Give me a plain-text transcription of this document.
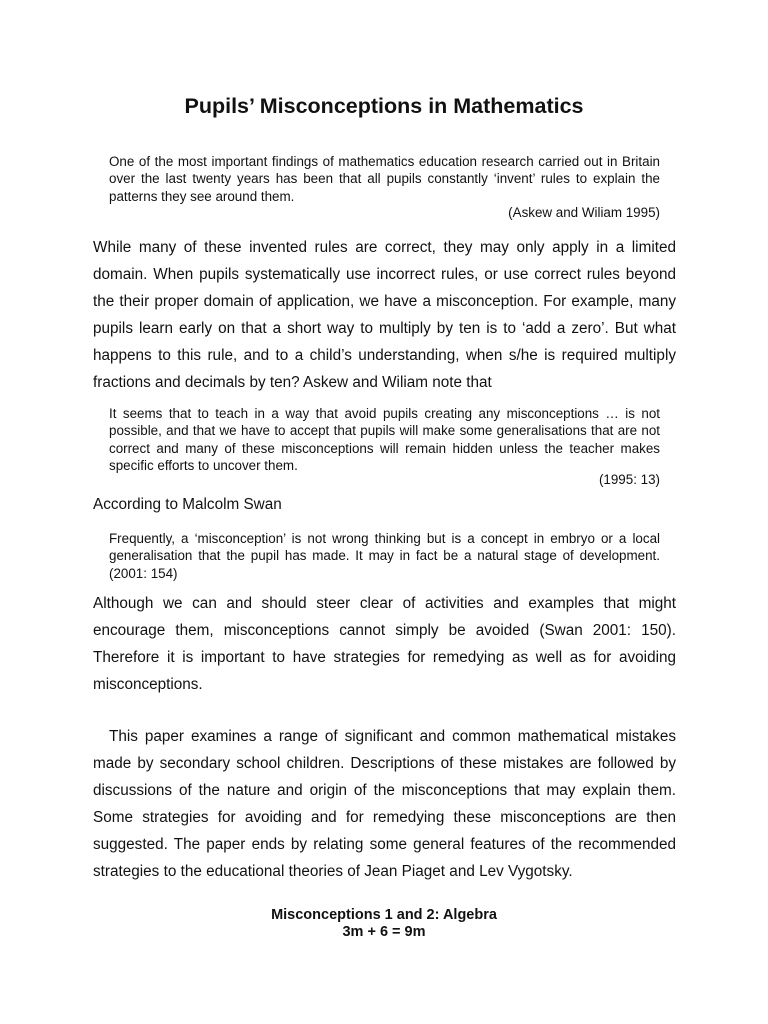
Pupils’ Misconceptions in Mathematics
One of the most important findings of mathematics education research carried out in Britain over the last twenty years has been that all pupils constantly ‘invent’ rules to explain the patterns they see around them.
(Askew and Wiliam 1995)
While many of these invented rules are correct, they may only apply in a limited domain. When pupils systematically use incorrect rules, or use correct rules beyond the their proper domain of application, we have a misconception. For example, many pupils learn early on that a short way to multiply by ten is to ‘add a zero’. But what happens to this rule, and to a child’s understanding, when s/he is required multiply fractions and decimals by ten? Askew and Wiliam note that
It seems that to teach in a way that avoid pupils creating any misconceptions … is not possible, and that we have to accept that pupils will make some generalisations that are not correct and many of these misconceptions will remain hidden unless the teacher makes specific efforts to uncover them.
(1995: 13)
According to Malcolm Swan
Frequently, a ‘misconception’ is not wrong thinking but is a concept in embryo or a local generalisation that the pupil has made. It may in fact be a natural stage of development. (2001: 154)
Although we can and should steer clear of activities and examples that might encourage them, misconceptions cannot simply be avoided (Swan 2001: 150). Therefore it is important to have strategies for remedying as well as for avoiding misconceptions.
This paper examines a range of significant and common mathematical mistakes made by secondary school children. Descriptions of these mistakes are followed by discussions of the nature and origin of the misconceptions that may explain them. Some strategies for avoiding and for remedying these misconceptions are then suggested. The paper ends by relating some general features of the recommended strategies to the educational theories of Jean Piaget and Lev Vygotsky.
Misconceptions 1 and 2: Algebra
3m + 6 = 9m
